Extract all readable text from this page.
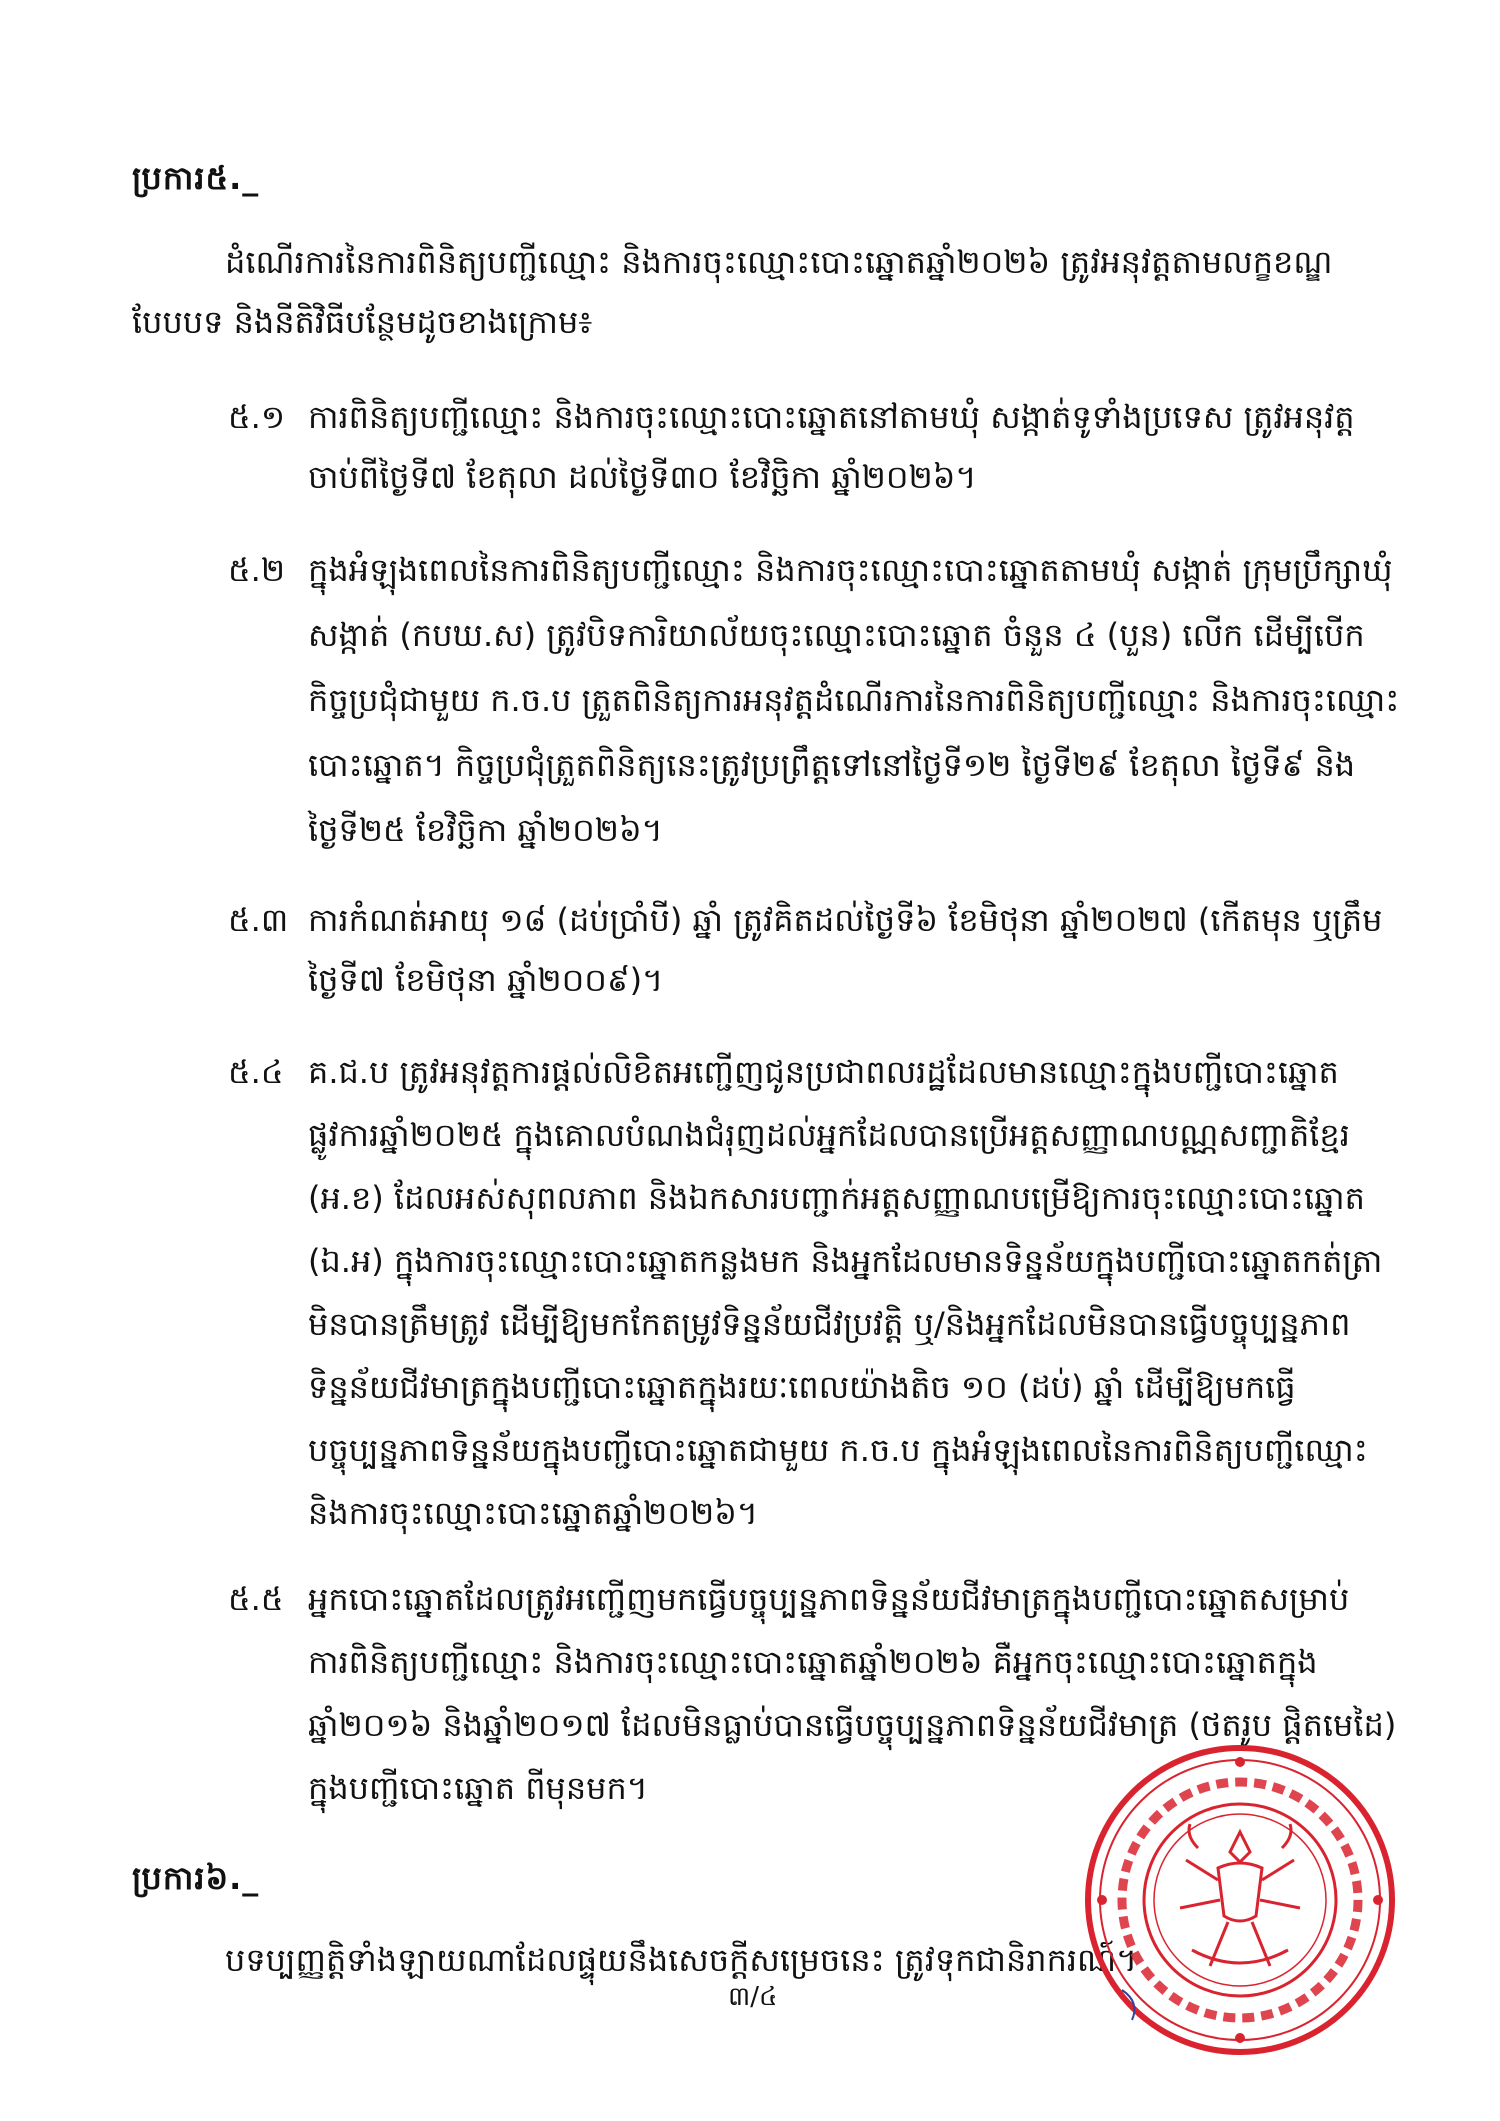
ប្រការ៥._
ដំណើរការនៃការពិនិត្យបញ្ជីឈ្មោះ និងការចុះឈ្មោះបោះឆ្នោតឆ្នាំ២០២៦ ត្រូវអនុវត្តតាមលក្ខខណ្ឌ
បែបបទ និងនីតិវិធីបន្ថែមដូចខាងក្រោម៖
៥.១ ការពិនិត្យបញ្ជីឈ្មោះ និងការចុះឈ្មោះបោះឆ្នោតនៅតាមឃុំ សង្កាត់ទូទាំងប្រទេស ត្រូវអនុវត្ត
ចាប់ពីថ្ងៃទី៧ ខែតុលា ដល់ថ្ងៃទី៣០ ខែវិច្ឆិកា ឆ្នាំ២០២៦។
៥.២ ក្នុងអំឡុងពេលនៃការពិនិត្យបញ្ជីឈ្មោះ និងការចុះឈ្មោះបោះឆ្នោតតាមឃុំ សង្កាត់ ក្រុមប្រឹក្សាឃុំ
សង្កាត់ (កបឃ.ស) ត្រូវបិទការិយាល័យចុះឈ្មោះបោះឆ្នោត ចំនួន ៤ (បួន) លើក ដើម្បីបើក
កិច្ចប្រជុំជាមួយ ក.ច.ប ត្រួតពិនិត្យការអនុវត្តដំណើរការនៃការពិនិត្យបញ្ជីឈ្មោះ និងការចុះឈ្មោះ
បោះឆ្នោត។ កិច្ចប្រជុំត្រួតពិនិត្យនេះត្រូវប្រព្រឹត្តទៅនៅថ្ងៃទី១២ ថ្ងៃទី២៩ ខែតុលា ថ្ងៃទី៩ និង
ថ្ងៃទី២៥ ខែវិច្ឆិកា ឆ្នាំ២០២៦។
៥.៣ ការកំណត់អាយុ ១៨ (ដប់ប្រាំបី) ឆ្នាំ ត្រូវគិតដល់ថ្ងៃទី៦ ខែមិថុនា ឆ្នាំ២០២៧ (កើតមុន ឬត្រឹម
ថ្ងៃទី៧ ខែមិថុនា ឆ្នាំ២០០៩)។
៥.៤ គ.ជ.ប ត្រូវអនុវត្តការផ្តល់លិខិតអញ្ជើញជូនប្រជាពលរដ្ឋដែលមានឈ្មោះក្នុងបញ្ជីបោះឆ្នោត
ផ្លូវការឆ្នាំ២០២៥ ក្នុងគោលបំណងជំរុញដល់អ្នកដែលបានប្រើអត្តសញ្ញាណបណ្ណសញ្ជាតិខ្មែរ
(អ.ខ) ដែលអស់សុពលភាព និងឯកសារបញ្ជាក់អត្តសញ្ញាណបម្រើឱ្យការចុះឈ្មោះបោះឆ្នោត
(ឯ.អ) ក្នុងការចុះឈ្មោះបោះឆ្នោតកន្លងមក និងអ្នកដែលមានទិន្នន័យក្នុងបញ្ជីបោះឆ្នោតកត់ត្រា
មិនបានត្រឹមត្រូវ ដើម្បីឱ្យមកកែតម្រូវទិន្នន័យជីវប្រវត្តិ ឬ/និងអ្នកដែលមិនបានធ្វើបច្ចុប្បន្នភាព
ទិន្នន័យជីវមាត្រក្នុងបញ្ជីបោះឆ្នោតក្នុងរយៈពេលយ៉ាងតិច ១០ (ដប់) ឆ្នាំ ដើម្បីឱ្យមកធ្វើ
បច្ចុប្បន្នភាពទិន្នន័យក្នុងបញ្ជីបោះឆ្នោតជាមួយ ក.ច.ប ក្នុងអំឡុងពេលនៃការពិនិត្យបញ្ជីឈ្មោះ
និងការចុះឈ្មោះបោះឆ្នោតឆ្នាំ២០២៦។
៥.៥ អ្នកបោះឆ្នោតដែលត្រូវអញ្ជើញមកធ្វើបច្ចុប្បន្នភាពទិន្នន័យជីវមាត្រក្នុងបញ្ជីបោះឆ្នោតសម្រាប់
ការពិនិត្យបញ្ជីឈ្មោះ និងការចុះឈ្មោះបោះឆ្នោតឆ្នាំ២០២៦ គឺអ្នកចុះឈ្មោះបោះឆ្នោតក្នុង
ឆ្នាំ២០១៦ និងឆ្នាំ២០១៧ ដែលមិនធ្លាប់បានធ្វើបច្ចុប្បន្នភាពទិន្នន័យជីវមាត្រ (ថតរូប ផ្តិតមេដៃ)
ក្នុងបញ្ជីបោះឆ្នោត ពីមុនមក។
ប្រការ៦._
បទប្បញ្ញត្តិទាំងឡាយណាដែលផ្ទុយនឹងសេចក្តីសម្រេចនេះ ត្រូវទុកជានិរាករណ៍។
៣/៤
